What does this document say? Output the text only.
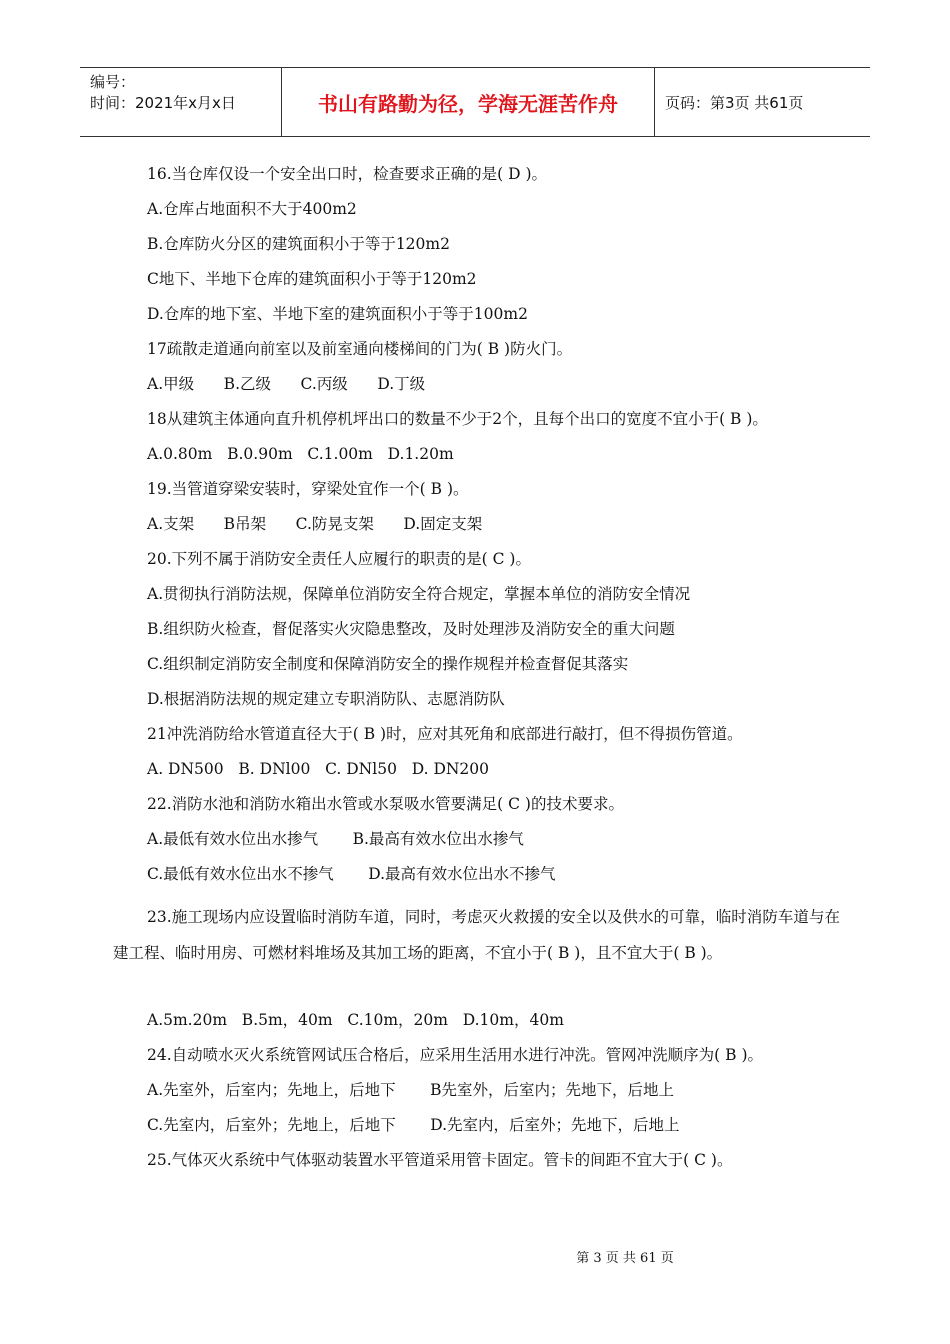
编号：
时间：2021年x月x日	书山有路勤为径，学海无涯苦作舟	页码：第3页 共61页
16.当仓库仅设一个安全出口时，检查要求正确的是( D )。
A.仓库占地面积不大于400m2
B.仓库防火分区的建筑面积小于等于120m2
C地下、半地下仓库的建筑面积小于等于120m2
D.仓库的地下室、半地下室的建筑面积小于等于100m2
17疏散走道通向前室以及前室通向楼梯间的门为( B )防火门。
A.甲级      B.乙级      C.丙级      D.丁级
18从建筑主体通向直升机停机坪出口的数量不少于2个，且每个出口的宽度不宜小于( B )。
A.0.80m   B.0.90m   C.1.00m   D.1.20m
19.当管道穿梁安装时，穿梁处宜作一个( B )。
A.支架      B吊架      C.防晃支架      D.固定支架
20.下列不属于消防安全责任人应履行的职责的是( C )。
A.贯彻执行消防法规，保障单位消防安全符合规定，掌握本单位的消防安全情况
B.组织防火检查，督促落实火灾隐患整改，及时处理涉及消防安全的重大问题
C.组织制定消防安全制度和保障消防安全的操作规程并检查督促其落实
D.根据消防法规的规定建立专职消防队、志愿消防队
21冲洗消防给水管道直径大于( B )时，应对其死角和底部进行敲打，但不得损伤管道。
A. DN500   B. DNl00   C. DNl50   D. DN200
22.消防水池和消防水箱出水管或水泵吸水管要满足( C )的技术要求。
A.最低有效水位出水掺气       B.最高有效水位出水掺气
C.最低有效水位出水不掺气       D.最高有效水位出水不掺气
23.施工现场内应设置临时消防车道，同时，考虑灭火救援的安全以及供水的可靠，临时消防车道与在建工程、临时用房、可燃材料堆场及其加工场的距离，不宜小于( B )，且不宜大于( B )。
A.5m.20m   B.5m，40m   C.10m，20m   D.10m，40m
24.自动喷水灭火系统管网试压合格后，应采用生活用水进行冲洗。管网冲洗顺序为( B )。
A.先室外，后室内；先地上，后地下       B先室外，后室内；先地下，后地上
C.先室内，后室外；先地上，后地下       D.先室内，后室外；先地下，后地上
25.气体灭火系统中气体驱动装置水平管道采用管卡固定。管卡的间距不宜大于( C )。
第 3 页 共 61 页
